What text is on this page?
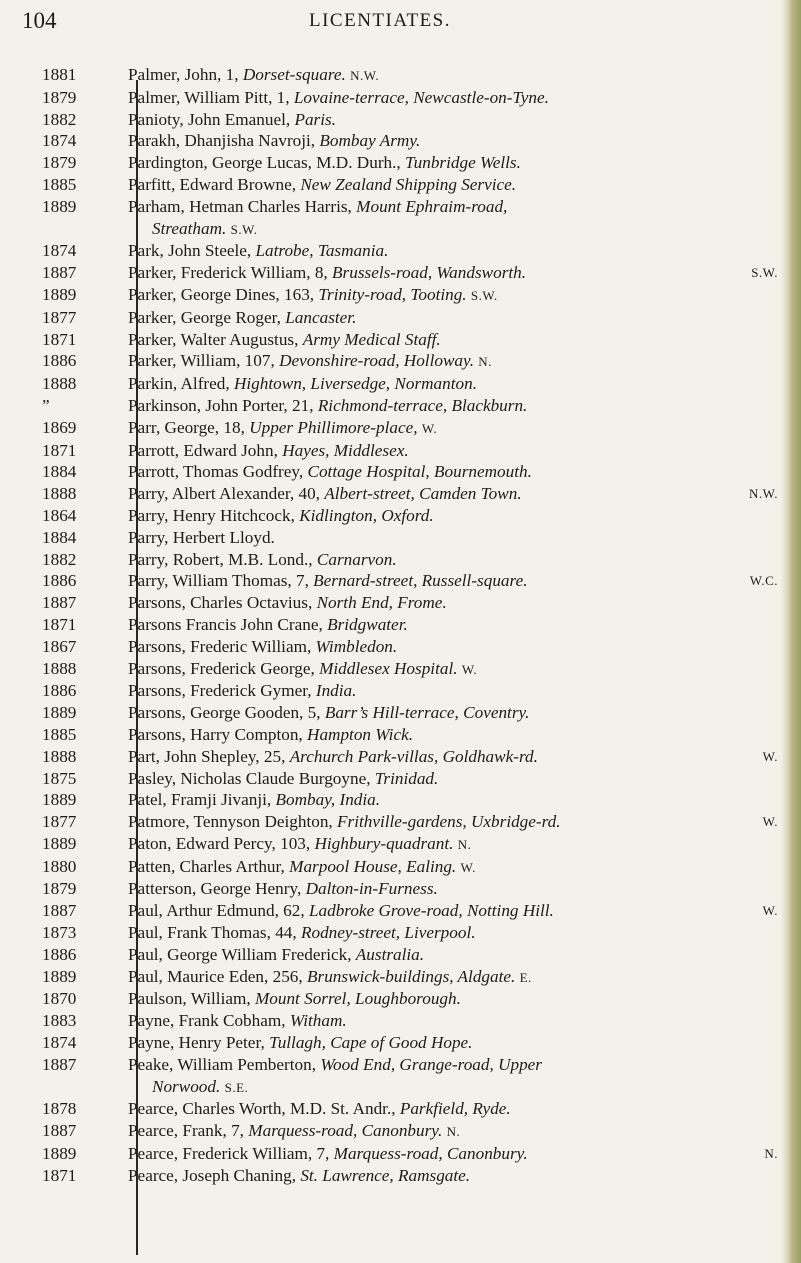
104	LICENTIATES.
1881	Palmer, John, 1, Dorset-square. N.W.
1879	Palmer, William Pitt, 1, Lovaine-terrace, Newcastle-on-Tyne.
1882	Panioty, John Emanuel, Paris.
1874	Parakh, Dhanjisha Navroji, Bombay Army.
1879	Pardington, George Lucas, M.D. Durh., Tunbridge Wells.
1885	Parfitt, Edward Browne, New Zealand Shipping Service.
1889	Parham, Hetman Charles Harris, Mount Ephraim-road,
Streatham. S.W.
1874	Park, John Steele, Latrobe, Tasmania.
1887	Parker, Frederick William, 8, Brussels-road, Wandsworth.	S.W.
1889	Parker, George Dines, 163, Trinity-road, Tooting. S.W.
1877	Parker, George Roger, Lancaster.
1871	Parker, Walter Augustus, Army Medical Staff.
1886	Parker, William, 107, Devonshire-road, Holloway. N.
1888	Parkin, Alfred, Hightown, Liversedge, Normanton.
”	Parkinson, John Porter, 21, Richmond-terrace, Blackburn.
1869	Parr, George, 18, Upper Phillimore-place, W.
1871	Parrott, Edward John, Hayes, Middlesex.
1884	Parrott, Thomas Godfrey, Cottage Hospital, Bournemouth.
1888	Parry, Albert Alexander, 40, Albert-street, Camden Town.	N.W.
1864	Parry, Henry Hitchcock, Kidlington, Oxford.
1884	Parry, Herbert Lloyd.
1882	Parry, Robert, M.B. Lond., Carnarvon.
1886	Parry, William Thomas, 7, Bernard-street, Russell-square.	W.C.
1887	Parsons, Charles Octavius, North End, Frome.
1871	Parsons Francis John Crane, Bridgwater.
1867	Parsons, Frederic William, Wimbledon.
1888	Parsons, Frederick George, Middlesex Hospital. W.
1886	Parsons, Frederick Gymer, India.
1889	Parsons, George Gooden, 5, Barr’s Hill-terrace, Coventry.
1885	Parsons, Harry Compton, Hampton Wick.
1888	Part, John Shepley, 25, Archurch Park-villas, Goldhawk-rd.	W.
1875	Pasley, Nicholas Claude Burgoyne, Trinidad.
1889	Patel, Framji Jivanji, Bombay, India.
1877	Patmore, Tennyson Deighton, Frithville-gardens, Uxbridge-rd.	W.
1889	Paton, Edward Percy, 103, Highbury-quadrant. N.
1880	Patten, Charles Arthur, Marpool House, Ealing. W.
1879	Patterson, George Henry, Dalton-in-Furness.
1887	Paul, Arthur Edmund, 62, Ladbroke Grove-road, Notting Hill.	W.
1873	Paul, Frank Thomas, 44, Rodney-street, Liverpool.
1886	Paul, George William Frederick, Australia.
1889	Paul, Maurice Eden, 256, Brunswick-buildings, Aldgate. E.
1870	Paulson, William, Mount Sorrel, Loughborough.
1883	Payne, Frank Cobham, Witham.
1874	Payne, Henry Peter, Tullagh, Cape of Good Hope.
1887	Peake, William Pemberton, Wood End, Grange-road, Upper
Norwood. S.E.
1878	Pearce, Charles Worth, M.D. St. Andr., Parkfield, Ryde.
1887	Pearce, Frank, 7, Marquess-road, Canonbury. N.
1889	Pearce, Frederick William, 7, Marquess-road, Canonbury.	N.
1871	Pearce, Joseph Chaning, St. Lawrence, Ramsgate.
